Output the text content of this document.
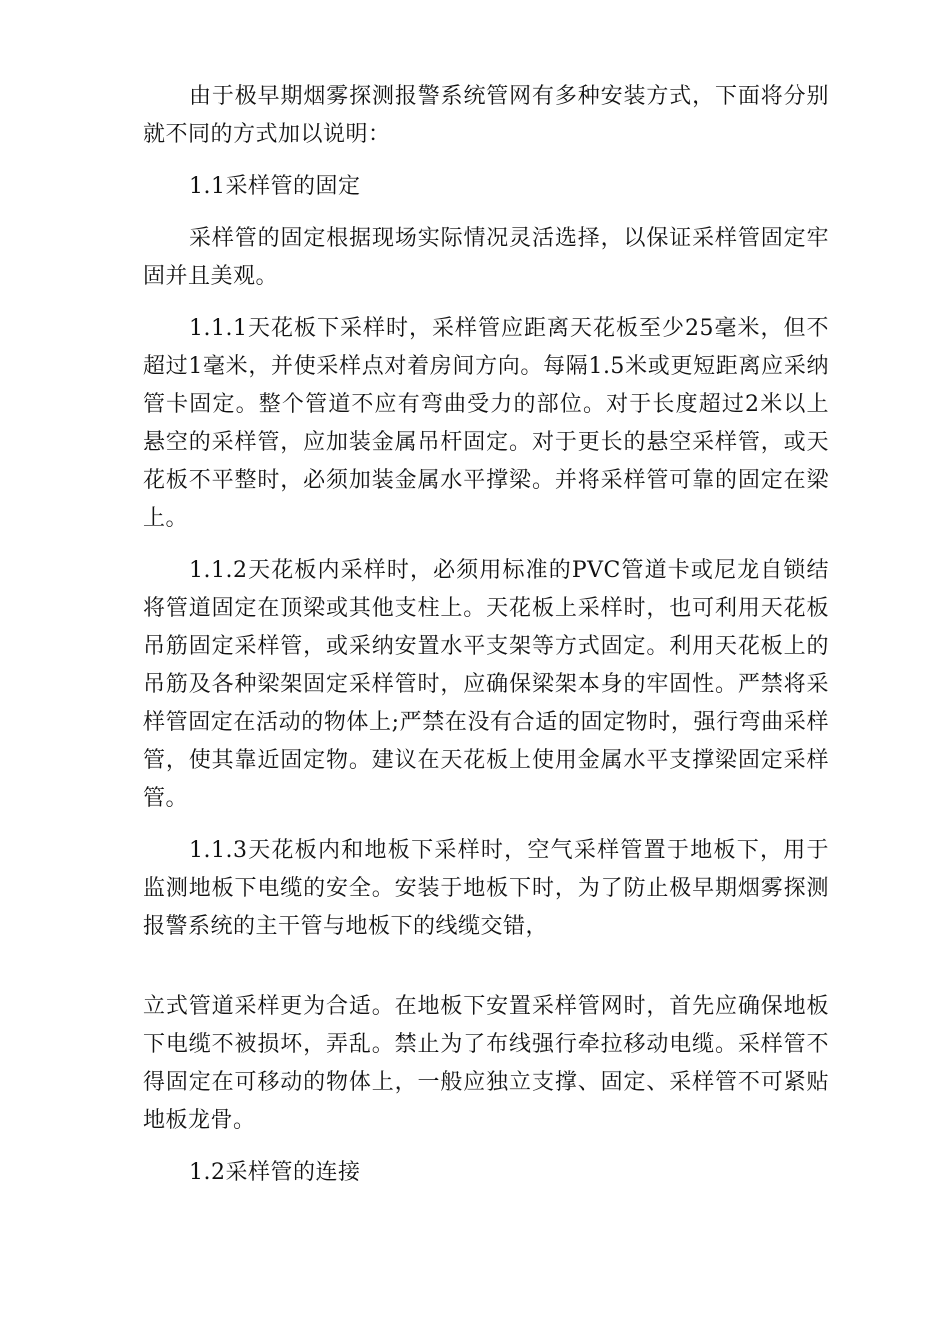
由于极早期烟雾探测报警系统管网有多种安装方式，下面将分别就不同的方式加以说明：

1.1采样管的固定

采样管的固定根据现场实际情况灵活选择，以保证采样管固定牢固并且美观。

1.1.1天花板下采样时，采样管应距离天花板至少25毫米，但不超过1毫米，并使采样点对着房间方向。每隔1.5米或更短距离应采纳管卡固定。整个管道不应有弯曲受力的部位。对于长度超过2米以上悬空的采样管，应加装金属吊杆固定。对于更长的悬空采样管，或天花板不平整时，必须加装金属水平撑梁。并将采样管可靠的固定在梁上。

1.1.2天花板内采样时，必须用标准的PVC管道卡或尼龙自锁结将管道固定在顶梁或其他支柱上。天花板上采样时，也可利用天花板吊筋固定采样管，或采纳安置水平支架等方式固定。利用天花板上的吊筋及各种梁架固定采样管时，应确保梁架本身的牢固性。严禁将采样管固定在活动的物体上;严禁在没有合适的固定物时，强行弯曲采样管，使其靠近固定物。建议在天花板上使用金属水平支撑梁固定采样管。

1.1.3天花板内和地板下采样时，空气采样管置于地板下，用于监测地板下电缆的安全。安装于地板下时，为了防止极早期烟雾探测报警系统的主干管与地板下的线缆交错，

立式管道采样更为合适。在地板下安置采样管网时，首先应确保地板下电缆不被损坏，弄乱。禁止为了布线强行牵拉移动电缆。采样管不得固定在可移动的物体上，一般应独立支撑、固定、采样管不可紧贴地板龙骨。

1.2采样管的连接
